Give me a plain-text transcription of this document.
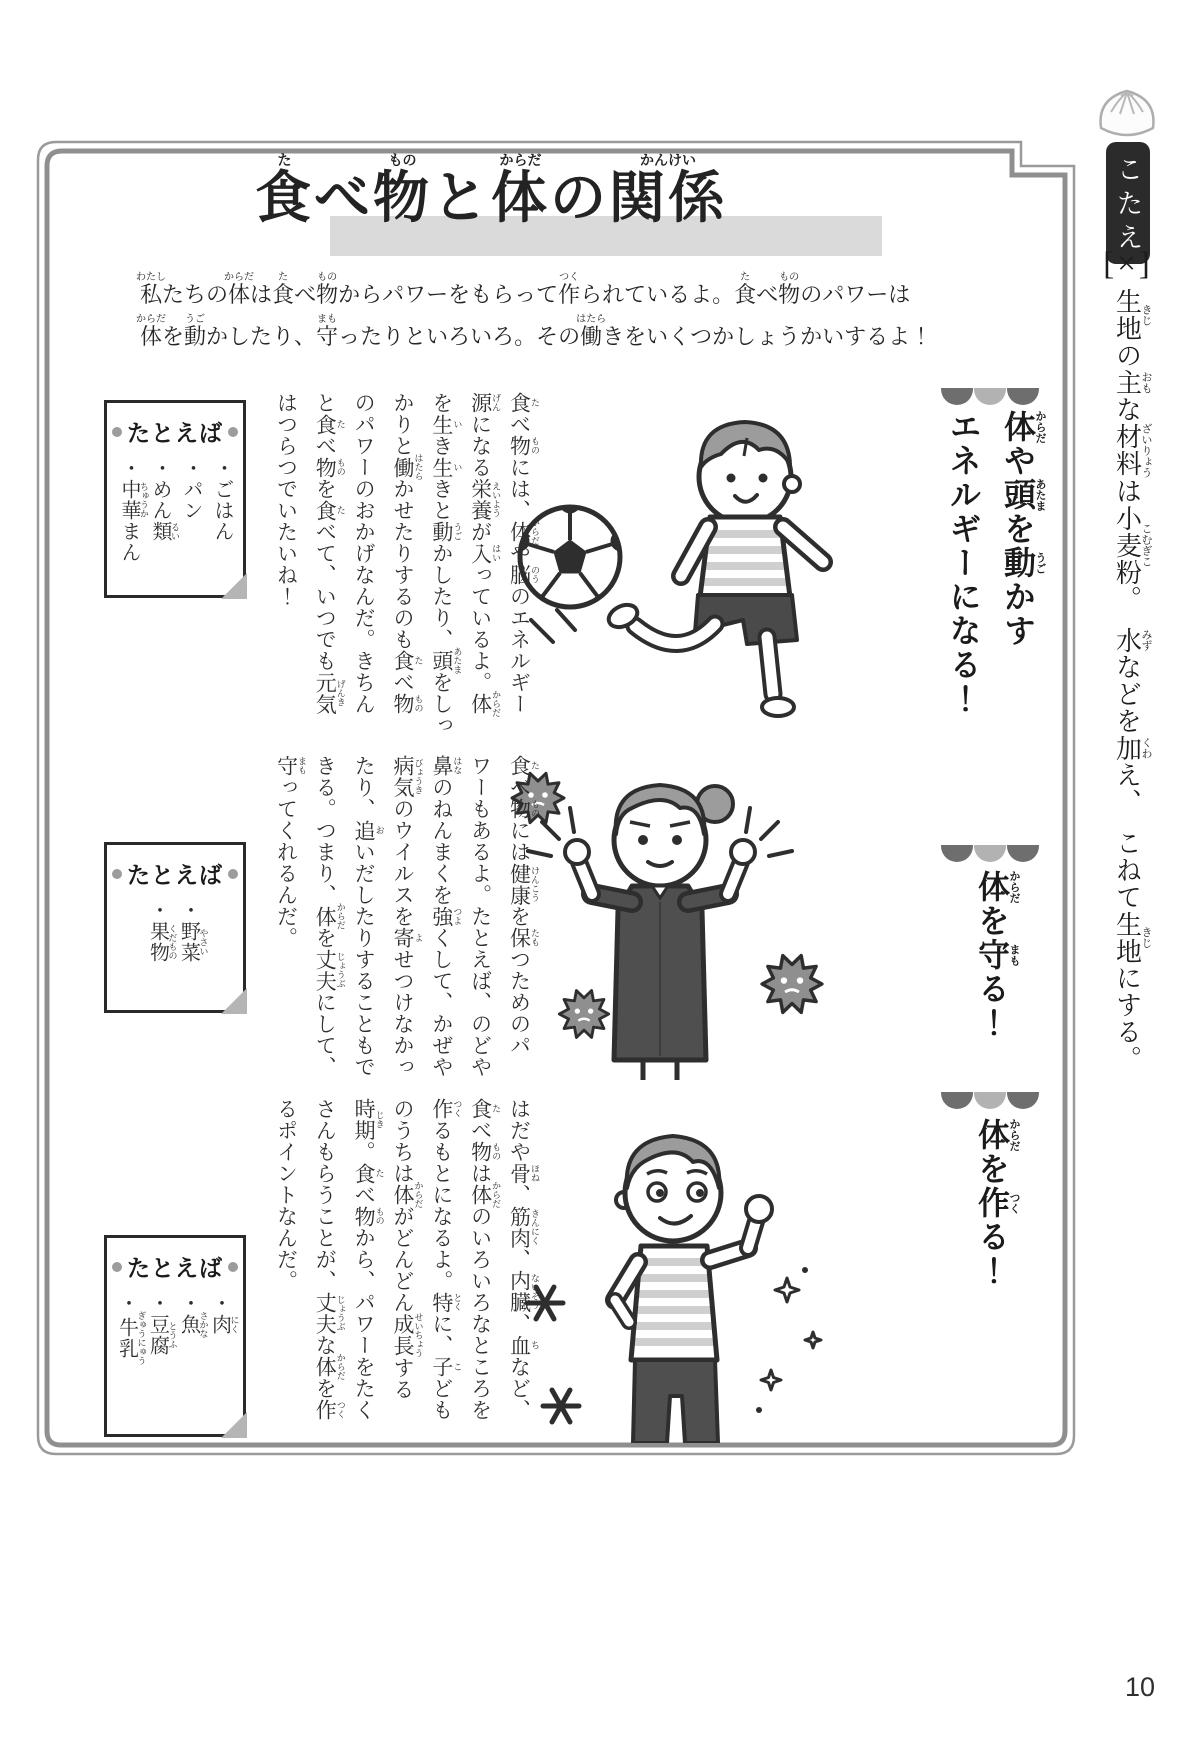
食たべ物ものと体からだの関係かんけい

私わたしたちの体からだは食たべ物ものからパワーをもらって作つくられているよ。食たべ物もののパワーは

体からだを動うごかしたり、守まもったりといろいろ。その働はたらきをいくつかしょうかいするよ！

体からだや頭あたまを動うごかす
エネルギーになる！
食 たべ物 ものには、体 からだや脳 のうのエネルギー
源 げんになる栄養 えいようが入 はいっているよ。体 からだ
を生 いき生 いきと動 うごかしたり、頭 あたまをしっ
かりと働 はたらかせたりするのも食 たべ物 もの
のパワーのおかげなんだ。きちん
と食 たべ物 ものを食 たべて、いつでも元気 げんき
はつらつでいたいね！
たとえば
・ごはん
・パン
・めん類 るい
・中華 ちゅうかまん
体からだを守まもる！
食 たべ物 ものには健康 けんこうを保 たもつためのパ
ワーもあるよ。たとえば、のどや
鼻 はなのねんまくを強 つよくして、かぜや
病気 びょうきのウイルスを寄 よせつけなかっ
たり、追 おいだしたりすることもで
きる。つまり、体 からだを丈夫 じょうぶにして、
守 まもってくれるんだ。
たとえば
・野菜 やさい
・果物 くだもの
体からだを作つくる！
はだや骨 ほね、筋肉 きんにく、内臓 ないぞう、血 ちなど、
食 たべ物 ものは体 からだのいろいろなところを
作 つくるもとになるよ。特 とくに、子 こども
のうちは体 からだがどんどん成長 せいちょうする
時期 じき。食 たべ物 ものから、パワーをたく
さんもらうことが、丈夫 じょうぶな体 からだを作 つく
るポイントなんだ。
たとえば
・肉 にく
・魚 さかな
・豆腐 とうふ
・牛乳 ぎゅうにゅう
こたえ
[×]
生地きじの主おもな材料ざいりょうは小麦粉こむぎこ。　水みずなどを加くわえ、　こねて生地きじにする。
10
